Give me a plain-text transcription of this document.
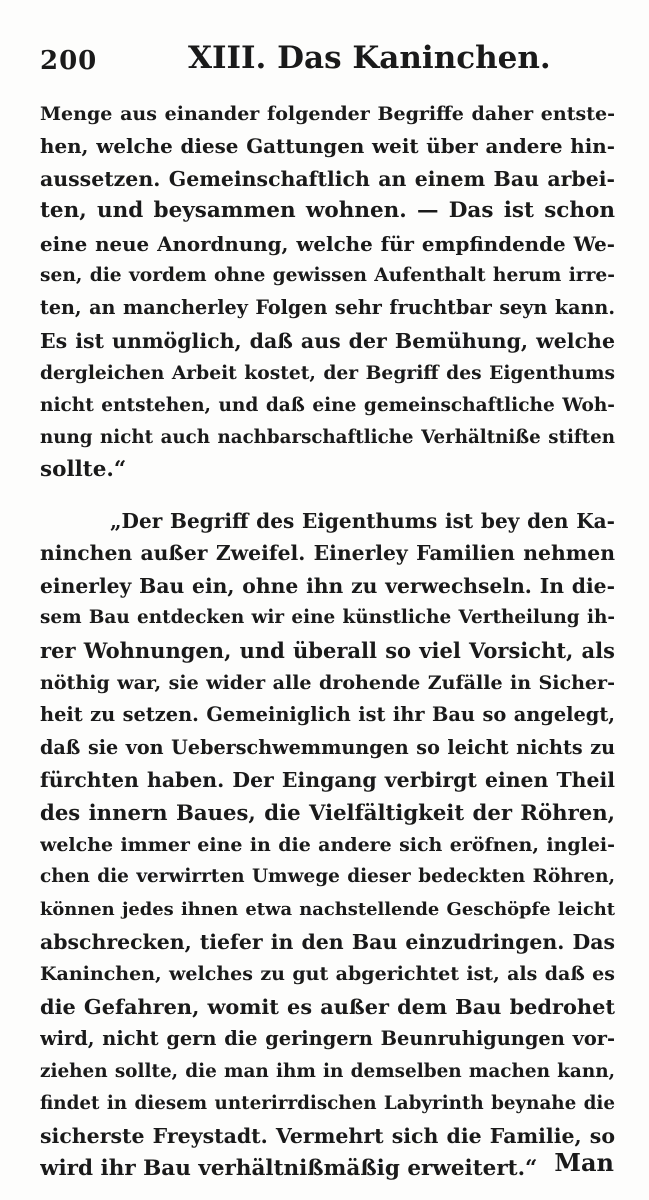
200	XIII. Das Kaninchen.
Menge aus einander folgender Begriffe daher entste-
hen, welche diese Gattungen weit über andere hin-
aussetzen. Gemeinschaftlich an einem Bau arbei-
ten, und beysammen wohnen. — Das ist schon
eine neue Anordnung, welche für empfindende We-
sen, die vordem ohne gewissen Aufenthalt herum irre-
ten, an mancherley Folgen sehr fruchtbar seyn kann.
Es ist unmöglich, daß aus der Bemühung, welche
dergleichen Arbeit kostet, der Begriff des Eigenthums
nicht entstehen, und daß eine gemeinschaftliche Woh-
nung nicht auch nachbarschaftliche Verhältniße stiften
sollte.“
„Der Begriff des Eigenthums ist bey den Ka-
ninchen außer Zweifel. Einerley Familien nehmen
einerley Bau ein, ohne ihn zu verwechseln. In die-
sem Bau entdecken wir eine künstliche Vertheilung ih-
rer Wohnungen, und überall so viel Vorsicht, als
nöthig war, sie wider alle drohende Zufälle in Sicher-
heit zu setzen. Gemeiniglich ist ihr Bau so angelegt,
daß sie von Ueberschwemmungen so leicht nichts zu
fürchten haben. Der Eingang verbirgt einen Theil
des innern Baues, die Vielfältigkeit der Röhren,
welche immer eine in die andere sich eröfnen, inglei-
chen die verwirrten Umwege dieser bedeckten Röhren,
können jedes ihnen etwa nachstellende Geschöpfe leicht
abschrecken, tiefer in den Bau einzudringen. Das
Kaninchen, welches zu gut abgerichtet ist, als daß es
die Gefahren, womit es außer dem Bau bedrohet
wird, nicht gern die geringern Beunruhigungen vor-
ziehen sollte, die man ihm in demselben machen kann,
findet in diesem unterirrdischen Labyrinth beynahe die
sicherste Freystadt. Vermehrt sich die Familie, so
wird ihr Bau verhältnißmäßig erweitert.“ Man
